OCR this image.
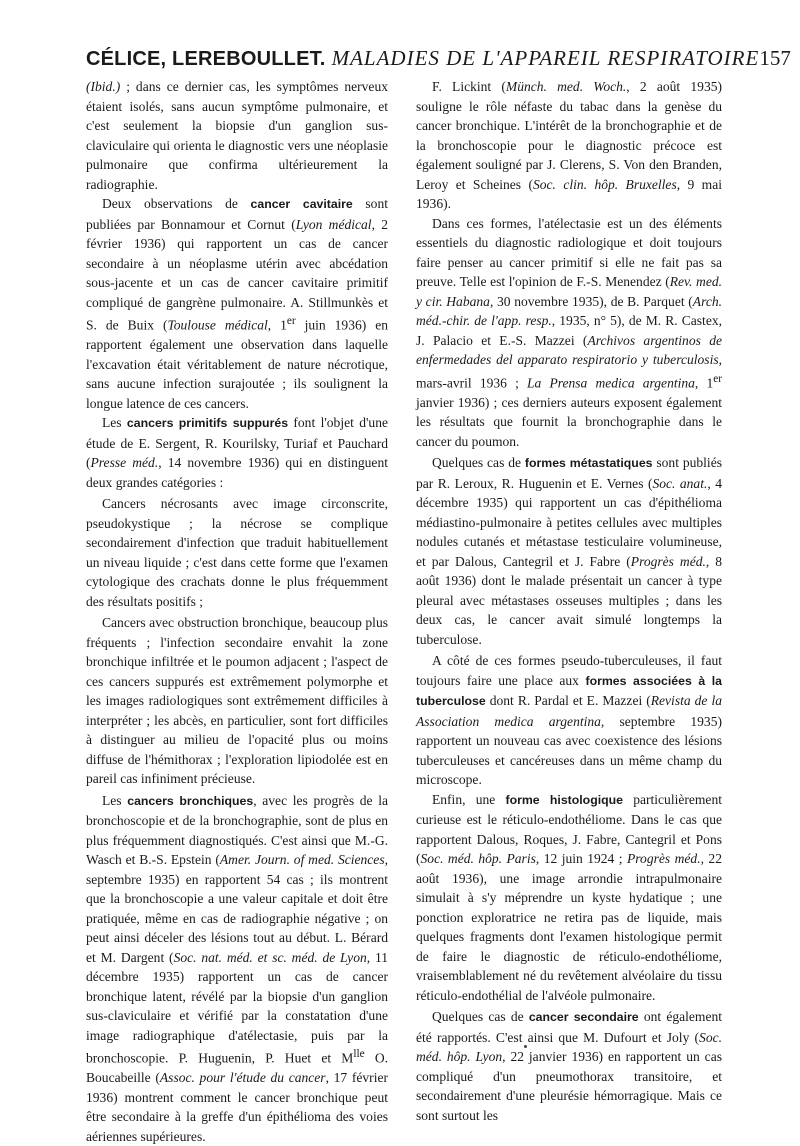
CÉLICE, LEREBOULLET. MALADIES DE L'APPAREIL RESPIRATOIRE 157

(Ibid.) ; dans ce dernier cas, les symptômes nerveux étaient isolés, sans aucun symptôme pulmonaire, et c'est seulement la biopsie d'un ganglion sus-claviculaire qui orienta le diagnostic vers une néoplasie pulmonaire que confirma ultérieurement la radiographie.

Deux observations de cancer cavitaire sont publiées par Bonnamour et Cornut (Lyon médical, 2 février 1936) qui rapportent un cas de cancer secondaire à un néoplasme utérin avec abcédation sous-jacente et un cas de cancer cavitaire primitif compliqué de gangrène pulmonaire. A. Stillmunkès et S. de Buix (Toulouse médical, 1er juin 1936) en rapportent également une observation dans laquelle l'excavation était véritablement de nature nécrotique, sans aucune infection surajoutée ; ils soulignent la longue latence de ces cancers.

Les cancers primitifs suppurés font l'objet d'une étude de E. Sergent, R. Kourilsky, Turiaf et Pauchard (Presse méd., 14 novembre 1936) qui en distinguent deux grandes catégories :

Cancers nécrosants avec image circonscrite, pseudokystique ; la nécrose se complique secondairement d'infection que traduit habituellement un niveau liquide ; c'est dans cette forme que l'examen cytologique des crachats donne le plus fréquemment des résultats positifs ;

Cancers avec obstruction bronchique, beaucoup plus fréquents ; l'infection secondaire envahit la zone bronchique infiltrée et le poumon adjacent ; l'aspect de ces cancers suppurés est extrêmement polymorphe et les images radiologiques sont extrêmement difficiles à interpréter ; les abcès, en particulier, sont fort difficiles à distinguer au milieu de l'opacité plus ou moins diffuse de l'hémithorax ; l'exploration lipiodolée est en pareil cas infiniment précieuse.

Les cancers bronchiques, avec les progrès de la bronchoscopie et de la bronchographie, sont de plus en plus fréquemment diagnostiqués. C'est ainsi que M.-G. Wasch et B.-S. Epstein (Amer. Journ. of med. Sciences, septembre 1935) en rapportent 54 cas ; ils montrent que la bronchoscopie a une valeur capitale et doit être pratiquée, même en cas de radiographie négative ; on peut ainsi déceler des lésions tout au début. L. Bérard et M. Dargent (Soc. nat. méd. et sc. méd. de Lyon, 11 décembre 1935) rapportent un cas de cancer bronchique latent, révélé par la biopsie d'un ganglion sus-claviculaire et vérifié par la constatation d'une image radiographique d'atélectasie, puis par la bronchoscopie. P. Huguenin, P. Huet et $M^{lle}$ O. Boucabeille (Assoc. pour l'étude du cancer, 17 février 1936) montrent comment le cancer bronchique peut être secondaire à la greffe d'un épithélioma des voies aériennes supérieures.

F. Lickint (Münch. med. Woch., 2 août 1935) souligne le rôle néfaste du tabac dans la genèse du cancer bronchique. L'intérêt de la bronchographie et de la bronchoscopie pour le diagnostic précoce est également souligné par J. Clerens, S. Von den Branden, Leroy et Scheines (Soc. clin. hôp. Bruxelles, 9 mai 1936).

Dans ces formes, l'atélectasie est un des éléments essentiels du diagnostic radiologique et doit toujours faire penser au cancer primitif si elle ne fait pas sa preuve. Telle est l'opinion de F.-S. Menendez (Rev. med. y cir. Habana, 30 novembre 1935), de B. Parquet (Arch. méd.-chir. de l'app. resp., 1935, n° 5), de M. R. Castex, J. Palacio et E.-S. Mazzei (Archivos argentinos de enfermedades del apparato respiratorio y tuberculosis, mars-avril 1936 ; La Prensa medica argentina, 1er janvier 1936) ; ces derniers auteurs exposent également les résultats que fournit la bronchographie dans le cancer du poumon.

Quelques cas de formes métastatiques sont publiés par R. Leroux, R. Huguenin et E. Vernes (Soc. anat., 4 décembre 1935) qui rapportent un cas d'épithélioma médiastino-pulmonaire à petites cellules avec multiples nodules cutanés et métastase testiculaire volumineuse, et par Dalous, Cantegril et J. Fabre (Progrès méd., 8 août 1936) dont le malade présentait un cancer à type pleural avec métastases osseuses multiples ; dans les deux cas, le cancer avait simulé longtemps la tuberculose.

A côté de ces formes pseudo-tuberculeuses, il faut toujours faire une place aux formes associées à la tuberculose dont R. Pardal et E. Mazzei (Revista de la Association medica argentina, septembre 1935) rapportent un nouveau cas avec coexistence des lésions tuberculeuses et cancéreuses dans un même champ du microscope.

Enfin, une forme histologique particulièrement curieuse est le réticulo-endothéliome. Dans le cas que rapportent Dalous, Roques, J. Fabre, Cantegril et Pons (Soc. méd. hôp. Paris, 12 juin 1924 ; Progrès méd., 22 août 1936), une image arrondie intrapulmonaire simulait à s'y méprendre un kyste hydatique ; une ponction exploratrice ne retira pas de liquide, mais quelques fragments dont l'examen histologique permit de faire le diagnostic de réticulo-endothéliome, vraisemblablement né du revêtement alvéolaire du tissu réticulo-endothélial de l'alvéole pulmonaire.

Quelques cas de cancer secondaire ont également été rapportés. C'est ainsi que M. Dufourt et Joly (Soc. méd. hôp. Lyon, 22 janvier 1936) en rapportent un cas compliqué d'un pneumothorax transitoire, et secondairement d'une pleurésie hémorragique. Mais ce sont surtout les
